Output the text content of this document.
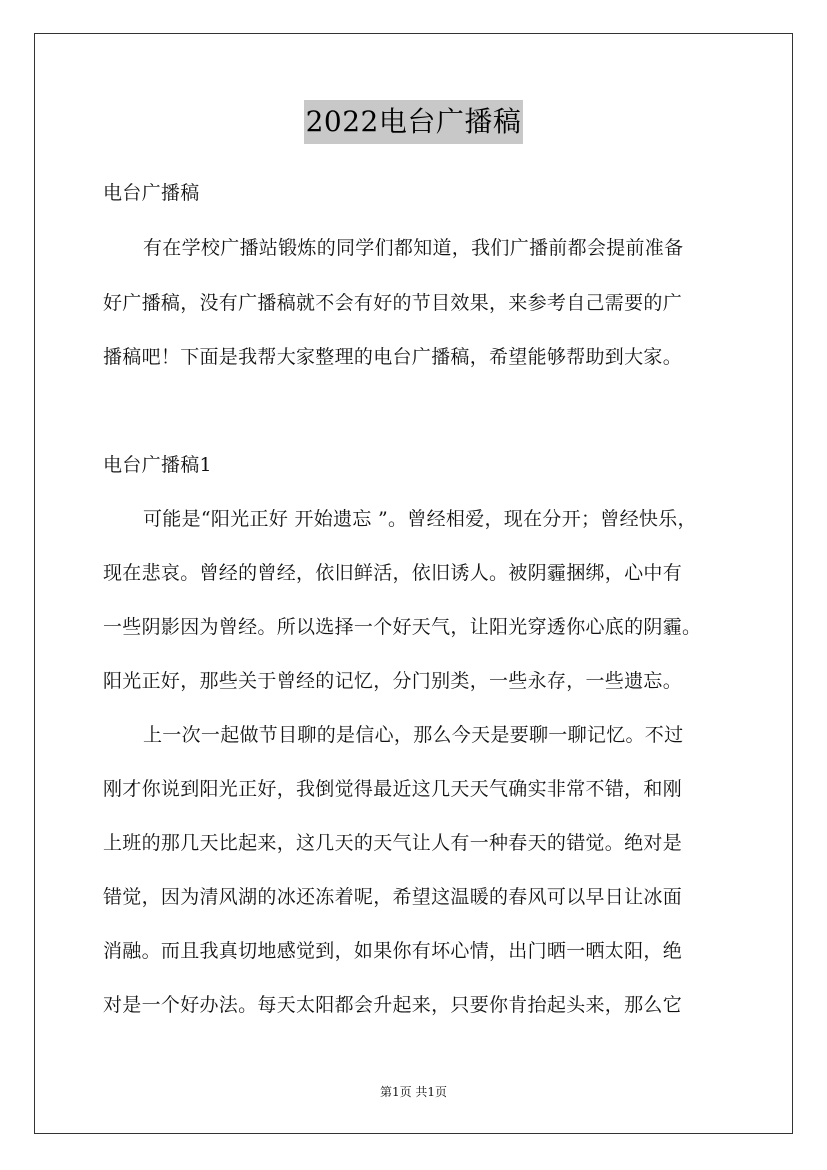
2022电台广播稿
电台广播稿
有在学校广播站锻炼的同学们都知道，我们广播前都会提前准备
好广播稿，没有广播稿就不会有好的节目效果，来参考自己需要的广
播稿吧！下面是我帮大家整理的电台广播稿，希望能够帮助到大家。
电台广播稿1
可能是“阳光正好 开始遗忘 ”。曾经相爱，现在分开；曾经快乐，
现在悲哀。曾经的曾经，依旧鲜活，依旧诱人。被阴霾捆绑，心中有
一些阴影因为曾经。所以选择一个好天气，让阳光穿透你心底的阴霾。
阳光正好，那些关于曾经的记忆，分门别类，一些永存，一些遗忘。
上一次一起做节目聊的是信心，那么今天是要聊一聊记忆。不过
刚才你说到阳光正好，我倒觉得最近这几天天气确实非常不错，和刚
上班的那几天比起来，这几天的天气让人有一种春天的错觉。绝对是
错觉，因为清风湖的冰还冻着呢，希望这温暖的春风可以早日让冰面
消融。而且我真切地感觉到，如果你有坏心情，出门晒一晒太阳，绝
对是一个好办法。每天太阳都会升起来，只要你肯抬起头来，那么它
第1页 共1页
